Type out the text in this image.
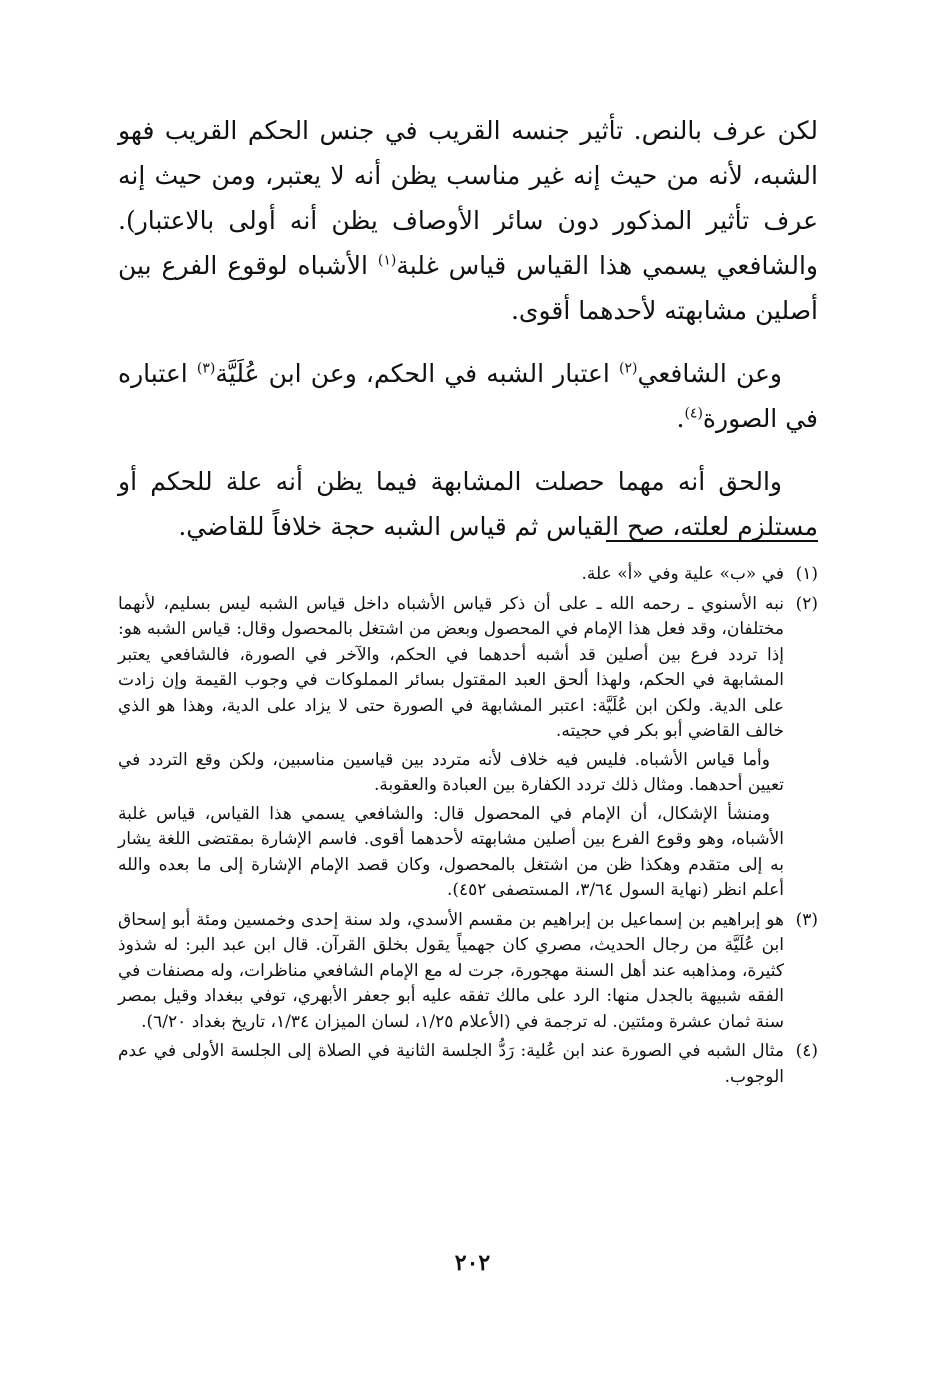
لكن عرف بالنص. تأثير جنسه القريب في جنس الحكم القريب فهو الشبه، لأنه من حيث إنه غير مناسب يظن أنه لا يعتبر، ومن حيث إنه عرف تأثير المذكور دون سائر الأوصاف يظن أنه أولى بالاعتبار). والشافعي يسمي هذا القياس قياس غلبة$^{(١)}$ الأشباه لوقوع الفرع بين أصلين مشابهته لأحدهما أقوى.

وعن الشافعي$^{(٢)}$ اعتبار الشبه في الحكم، وعن ابن عُلَيَّة$^{(٣)}$ اعتباره في الصورة$^{(٤)}$.

والحق أنه مهما حصلت المشابهة فيما يظن أنه علة للحكم أو مستلزم لعلته، صح القياس ثم قياس الشبه حجة خلافاً للقاضي.

(١)

في «ب» علية وفي «أ» علة.

(٢)

نبه الأسنوي ـ رحمه الله ـ على أن ذكر قياس الأشباه داخل قياس الشبه ليس بسليم، لأنهما مختلفان، وقد فعل هذا الإمام في المحصول وبعض من اشتغل بالمحصول وقال: قياس الشبه هو: إذا تردد فرع بين أصلين قد أشبه أحدهما في الحكم، والآخر في الصورة، فالشافعي يعتبر المشابهة في الحكم، ولهذا ألحق العبد المقتول بسائر المملوكات في وجوب القيمة وإن زادت على الدية. ولكن ابن عُلَيَّة: اعتبر المشابهة في الصورة حتى لا يزاد على الدية، وهذا هو الذي خالف القاضي أبو بكر في حجيته.

وأما قياس الأشباه. فليس فيه خلاف لأنه متردد بين قياسين مناسبين، ولكن وقع التردد في تعيين أحدهما. ومثال ذلك تردد الكفارة بين العبادة والعقوبة.

ومنشأ الإشكال، أن الإمام في المحصول قال: والشافعي يسمي هذا القياس، قياس غلبة الأشباه، وهو وقوع الفرع بين أصلين مشابهته لأحدهما أقوى. فاسم الإشارة بمقتضى اللغة يشار به إلى متقدم وهكذا ظن من اشتغل بالمحصول، وكان قصد الإمام الإشارة إلى ما بعده والله أعلم انظر (نهاية السول ٣/٦٤، المستصفى ٤٥٢).

(٣)

هو إبراهيم بن إسماعيل بن إبراهيم بن مقسم الأسدي، ولد سنة إحدى وخمسين ومئة أبو إسحاق ابن عُلَيَّة من رجال الحديث، مصري كان جهمياً يقول بخلق القرآن. قال ابن عبد البر: له شذوذ كثيرة، ومذاهبه عند أهل السنة مهجورة، جرت له مع الإمام الشافعي مناظرات، وله مصنفات في الفقه شبيهة بالجدل منها: الرد على مالك تفقه عليه أبو جعفر الأبهري، توفي ببغداد وقيل بمصر سنة ثمان عشرة ومئتين. له ترجمة في (الأعلام ١/٢٥، لسان الميزان ١/٣٤، تاريخ بغداد ٦/٢٠).

(٤)

مثال الشبه في الصورة عند ابن عُلية: رَدُّ الجلسة الثانية في الصلاة إلى الجلسة الأولى في عدم الوجوب.

٢٠٢
